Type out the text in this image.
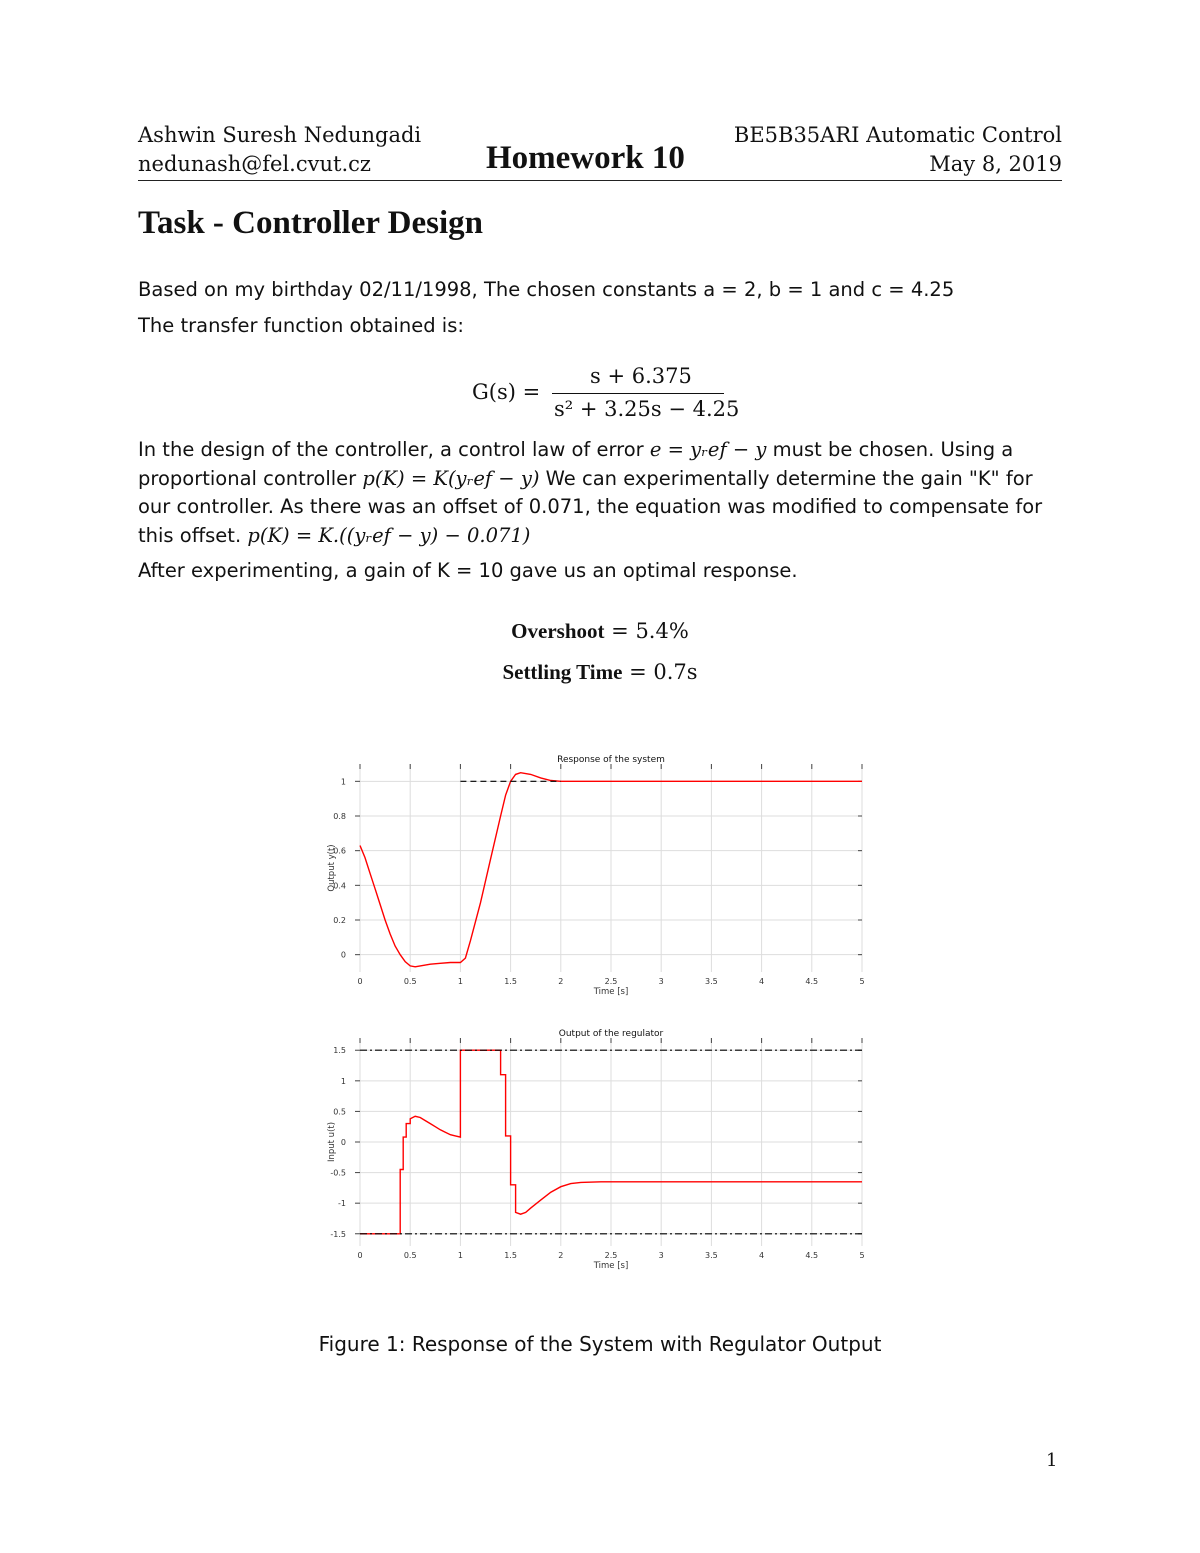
Ashwin Suresh Nedungadi
nedunash@fel.cvut.cz	Homework 10
BE5B35ARI Automatic Control
May 8, 2019
Task - Controller Design
Based on my birthday 02/11/1998, The chosen constants a = 2, b = 1 and c = 4.25
The transfer function obtained is:
G(s) =
s + 6.375
s² + 3.25s − 4.25
In the design of the controller, a control law of error e = yᵣef − y must be chosen. Using a proportional controller p(K) = K(yᵣef − y) We can experimentally determine the gain "K" for our controller. As there was an offset of 0.071, the equation was modified to compensate for this offset. p(K) = K.((yᵣef − y) − 0.071)
After experimenting, a gain of K = 10 gave us an optimal response.
Overshoot = 5.4%
Settling Time = 0.7s
0	0.5	1	1.5	2	2.5	3	3.5	4	4.5	5
0
0.2
0.4
0.6
0.8
1
Response of the system
Time [s]
Output y(t)
0	0.5	1	1.5	2	2.5	3	3.5	4	4.5	5
-1.5
-1
-0.5
0
0.5
1
1.5
Output of the regulator
Time [s]
Input u(t)
Figure 1: Response of the System with Regulator Output
1
